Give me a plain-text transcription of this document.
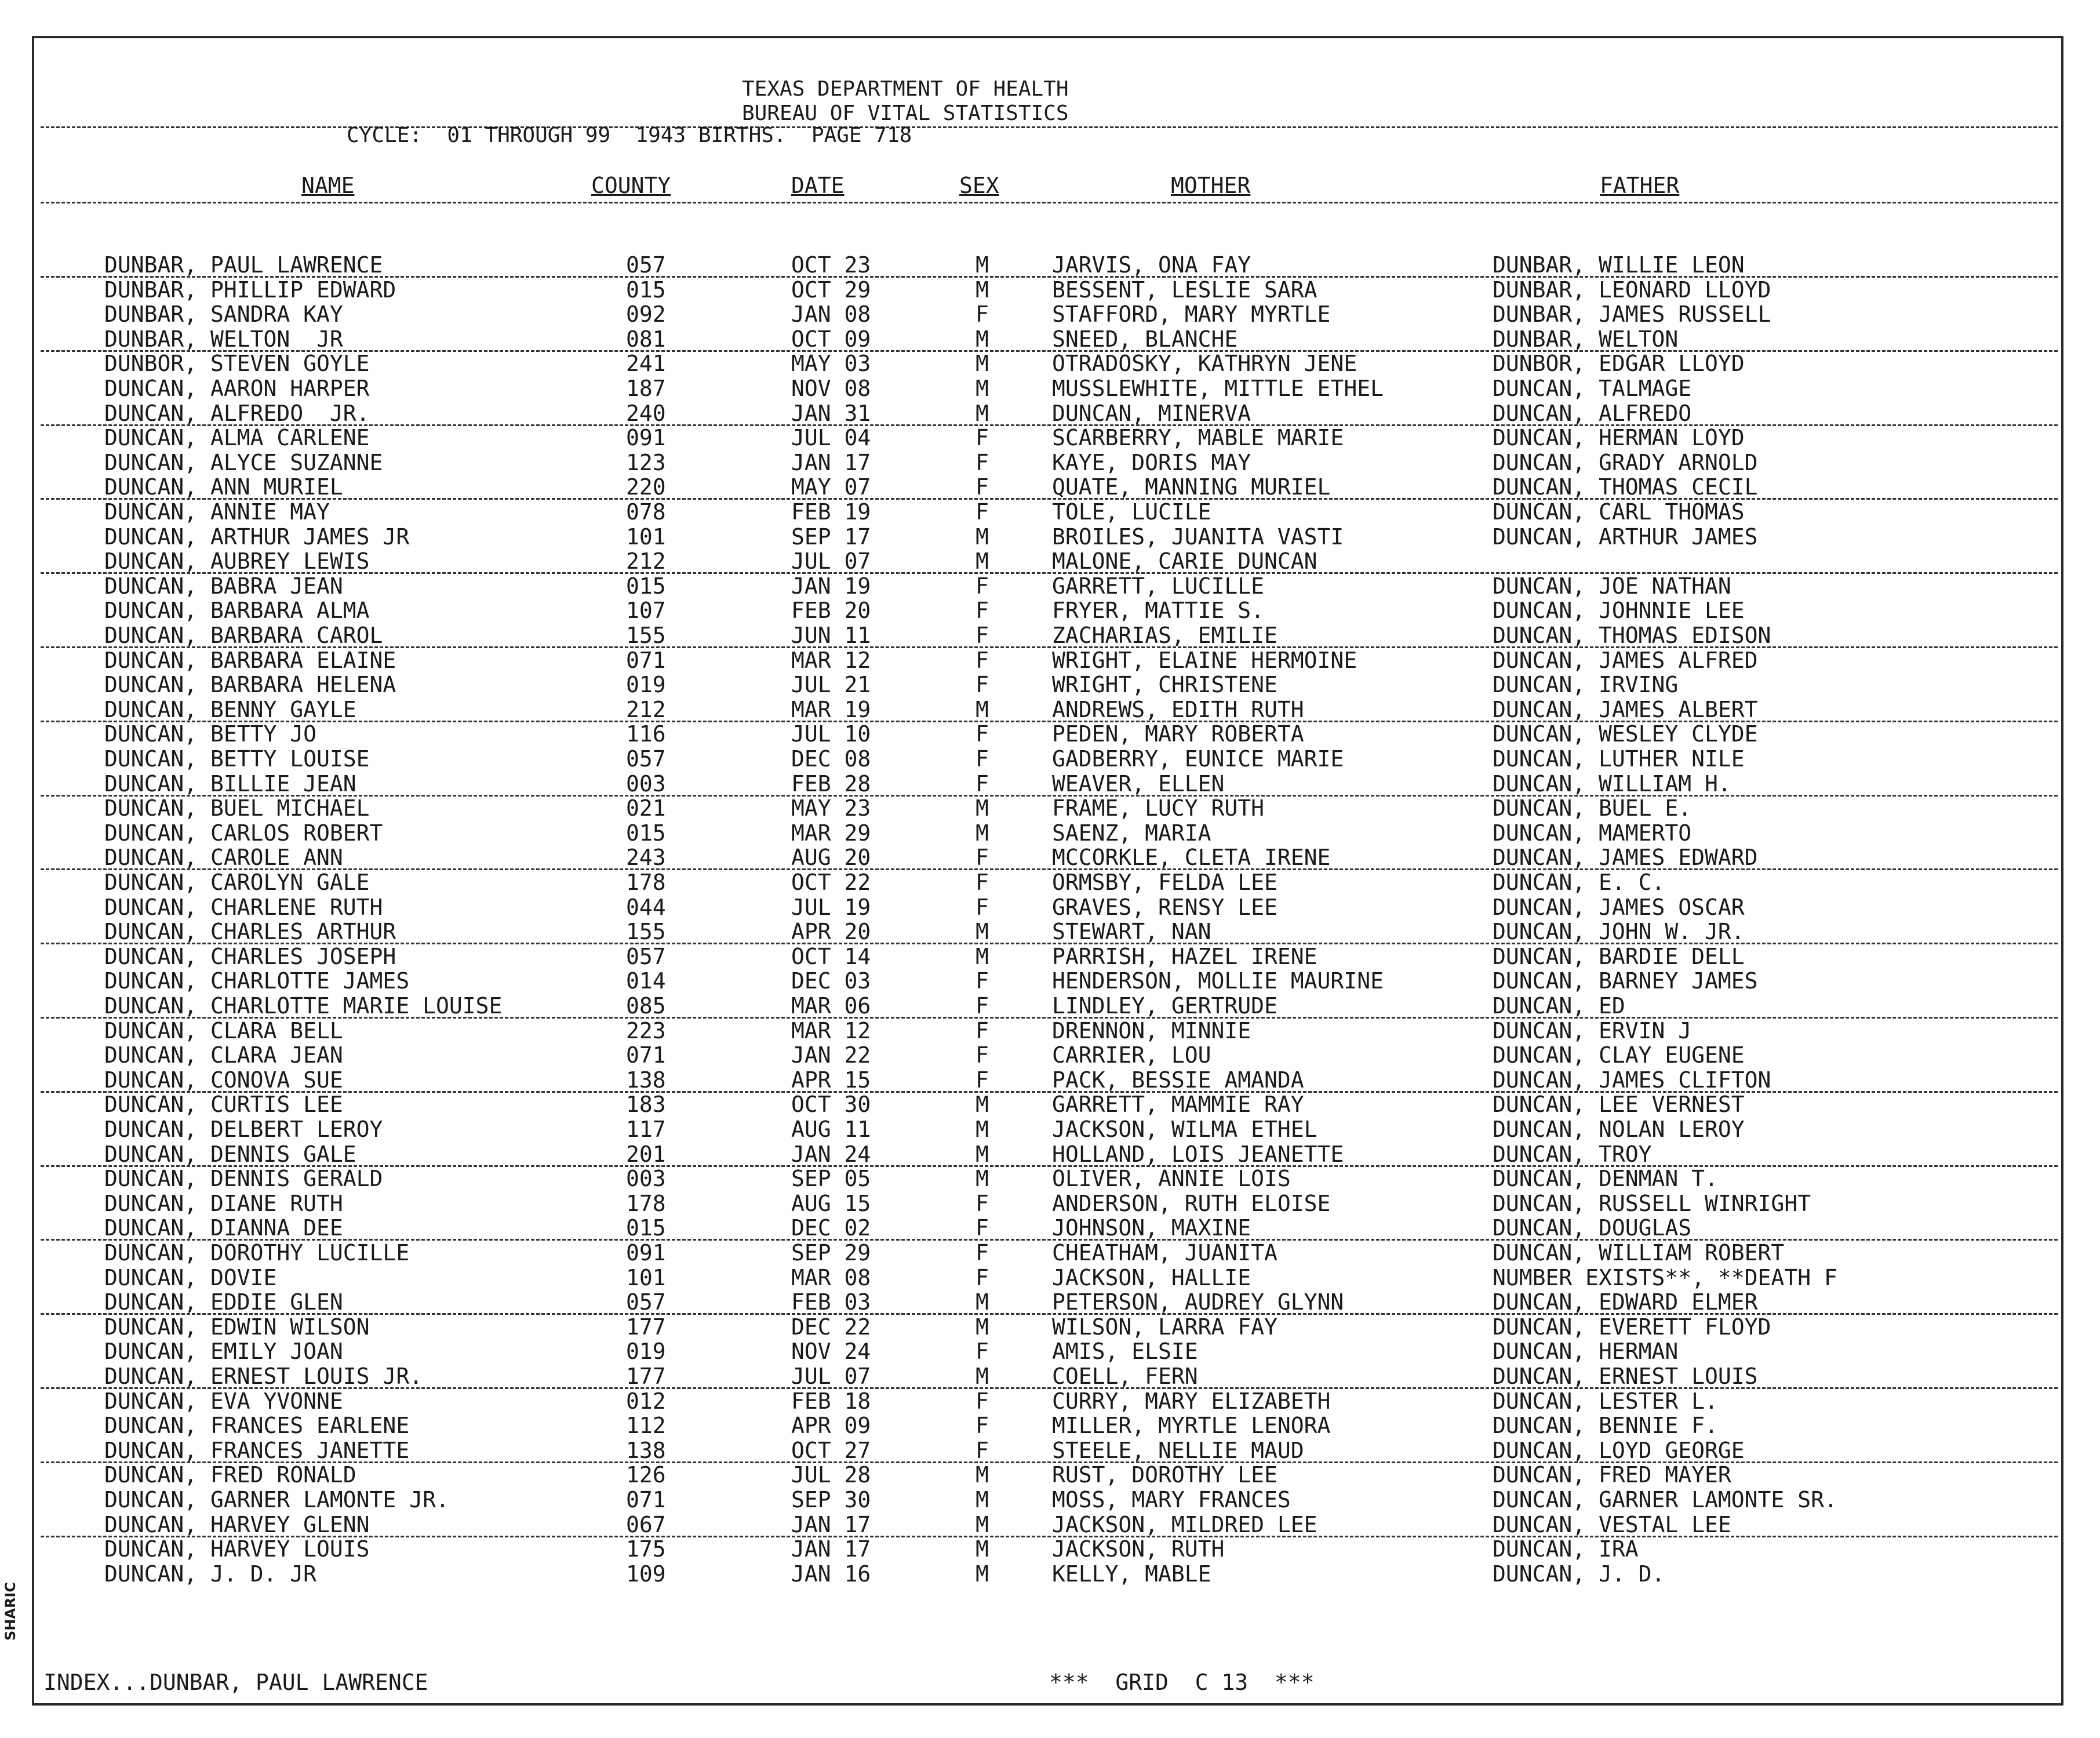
TEXAS DEPARTMENT OF HEALTH
BUREAU OF VITAL STATISTICS
CYCLE:  01 THROUGH 99  1943 BIRTHS.  PAGE 718
NAME	COUNTY	DATE	SEX	MOTHER	FATHER
DUNBAR, PAUL LAWRENCE	057	OCT 23	M	JARVIS, ONA FAY	DUNBAR, WILLIE LEON
DUNBAR, PHILLIP EDWARD	015	OCT 29	M	BESSENT, LESLIE SARA	DUNBAR, LEONARD LLOYD
DUNBAR, SANDRA KAY	092	JAN 08	F	STAFFORD, MARY MYRTLE	DUNBAR, JAMES RUSSELL
DUNBAR, WELTON  JR	081	OCT 09	M	SNEED, BLANCHE	DUNBAR, WELTON
DUNBOR, STEVEN GOYLE	241	MAY 03	M	OTRADOSKY, KATHRYN JENE	DUNBOR, EDGAR LLOYD
DUNCAN, AARON HARPER	187	NOV 08	M	MUSSLEWHITE, MITTLE ETHEL	DUNCAN, TALMAGE
DUNCAN, ALFREDO  JR.	240	JAN 31	M	DUNCAN, MINERVA	DUNCAN, ALFREDO
DUNCAN, ALMA CARLENE	091	JUL 04	F	SCARBERRY, MABLE MARIE	DUNCAN, HERMAN LOYD
DUNCAN, ALYCE SUZANNE	123	JAN 17	F	KAYE, DORIS MAY	DUNCAN, GRADY ARNOLD
DUNCAN, ANN MURIEL	220	MAY 07	F	QUATE, MANNING MURIEL	DUNCAN, THOMAS CECIL
DUNCAN, ANNIE MAY	078	FEB 19	F	TOLE, LUCILE	DUNCAN, CARL THOMAS
DUNCAN, ARTHUR JAMES JR	101	SEP 17	M	BROILES, JUANITA VASTI	DUNCAN, ARTHUR JAMES
DUNCAN, AUBREY LEWIS	212	JUL 07	M	MALONE, CARIE DUNCAN
DUNCAN, BABRA JEAN	015	JAN 19	F	GARRETT, LUCILLE	DUNCAN, JOE NATHAN
DUNCAN, BARBARA ALMA	107	FEB 20	F	FRYER, MATTIE S.	DUNCAN, JOHNNIE LEE
DUNCAN, BARBARA CAROL	155	JUN 11	F	ZACHARIAS, EMILIE	DUNCAN, THOMAS EDISON
DUNCAN, BARBARA ELAINE	071	MAR 12	F	WRIGHT, ELAINE HERMOINE	DUNCAN, JAMES ALFRED
DUNCAN, BARBARA HELENA	019	JUL 21	F	WRIGHT, CHRISTENE	DUNCAN, IRVING
DUNCAN, BENNY GAYLE	212	MAR 19	M	ANDREWS, EDITH RUTH	DUNCAN, JAMES ALBERT
DUNCAN, BETTY JO	116	JUL 10	F	PEDEN, MARY ROBERTA	DUNCAN, WESLEY CLYDE
DUNCAN, BETTY LOUISE	057	DEC 08	F	GADBERRY, EUNICE MARIE	DUNCAN, LUTHER NILE
DUNCAN, BILLIE JEAN	003	FEB 28	F	WEAVER, ELLEN	DUNCAN, WILLIAM H.
DUNCAN, BUEL MICHAEL	021	MAY 23	M	FRAME, LUCY RUTH	DUNCAN, BUEL E.
DUNCAN, CARLOS ROBERT	015	MAR 29	M	SAENZ, MARIA	DUNCAN, MAMERTO
DUNCAN, CAROLE ANN	243	AUG 20	F	MCCORKLE, CLETA IRENE	DUNCAN, JAMES EDWARD
DUNCAN, CAROLYN GALE	178	OCT 22	F	ORMSBY, FELDA LEE	DUNCAN, E. C.
DUNCAN, CHARLENE RUTH	044	JUL 19	F	GRAVES, RENSY LEE	DUNCAN, JAMES OSCAR
DUNCAN, CHARLES ARTHUR	155	APR 20	M	STEWART, NAN	DUNCAN, JOHN W. JR.
DUNCAN, CHARLES JOSEPH	057	OCT 14	M	PARRISH, HAZEL IRENE	DUNCAN, BARDIE DELL
DUNCAN, CHARLOTTE JAMES	014	DEC 03	F	HENDERSON, MOLLIE MAURINE	DUNCAN, BARNEY JAMES
DUNCAN, CHARLOTTE MARIE LOUISE	085	MAR 06	F	LINDLEY, GERTRUDE	DUNCAN, ED
DUNCAN, CLARA BELL	223	MAR 12	F	DRENNON, MINNIE	DUNCAN, ERVIN J
DUNCAN, CLARA JEAN	071	JAN 22	F	CARRIER, LOU	DUNCAN, CLAY EUGENE
DUNCAN, CONOVA SUE	138	APR 15	F	PACK, BESSIE AMANDA	DUNCAN, JAMES CLIFTON
DUNCAN, CURTIS LEE	183	OCT 30	M	GARRETT, MAMMIE RAY	DUNCAN, LEE VERNEST
DUNCAN, DELBERT LEROY	117	AUG 11	M	JACKSON, WILMA ETHEL	DUNCAN, NOLAN LEROY
DUNCAN, DENNIS GALE	201	JAN 24	M	HOLLAND, LOIS JEANETTE	DUNCAN, TROY
DUNCAN, DENNIS GERALD	003	SEP 05	M	OLIVER, ANNIE LOIS	DUNCAN, DENMAN T.
DUNCAN, DIANE RUTH	178	AUG 15	F	ANDERSON, RUTH ELOISE	DUNCAN, RUSSELL WINRIGHT
DUNCAN, DIANNA DEE	015	DEC 02	F	JOHNSON, MAXINE	DUNCAN, DOUGLAS
DUNCAN, DOROTHY LUCILLE	091	SEP 29	F	CHEATHAM, JUANITA	DUNCAN, WILLIAM ROBERT
DUNCAN, DOVIE	101	MAR 08	F	JACKSON, HALLIE	NUMBER EXISTS**, **DEATH F
DUNCAN, EDDIE GLEN	057	FEB 03	M	PETERSON, AUDREY GLYNN	DUNCAN, EDWARD ELMER
DUNCAN, EDWIN WILSON	177	DEC 22	M	WILSON, LARRA FAY	DUNCAN, EVERETT FLOYD
DUNCAN, EMILY JOAN	019	NOV 24	F	AMIS, ELSIE	DUNCAN, HERMAN
DUNCAN, ERNEST LOUIS JR.	177	JUL 07	M	COELL, FERN	DUNCAN, ERNEST LOUIS
DUNCAN, EVA YVONNE	012	FEB 18	F	CURRY, MARY ELIZABETH	DUNCAN, LESTER L.
DUNCAN, FRANCES EARLENE	112	APR 09	F	MILLER, MYRTLE LENORA	DUNCAN, BENNIE F.
DUNCAN, FRANCES JANETTE	138	OCT 27	F	STEELE, NELLIE MAUD	DUNCAN, LOYD GEORGE
DUNCAN, FRED RONALD	126	JUL 28	M	RUST, DOROTHY LEE	DUNCAN, FRED MAYER
DUNCAN, GARNER LAMONTE JR.	071	SEP 30	M	MOSS, MARY FRANCES	DUNCAN, GARNER LAMONTE SR.
DUNCAN, HARVEY GLENN	067	JAN 17	M	JACKSON, MILDRED LEE	DUNCAN, VESTAL LEE
DUNCAN, HARVEY LOUIS	175	JAN 17	M	JACKSON, RUTH	DUNCAN, IRA
DUNCAN, J. D. JR	109	JAN 16	M	KELLY, MABLE	DUNCAN, J. D.
INDEX...DUNBAR, PAUL LAWRENCE	***  GRID  C 13  ***
SHARIC
